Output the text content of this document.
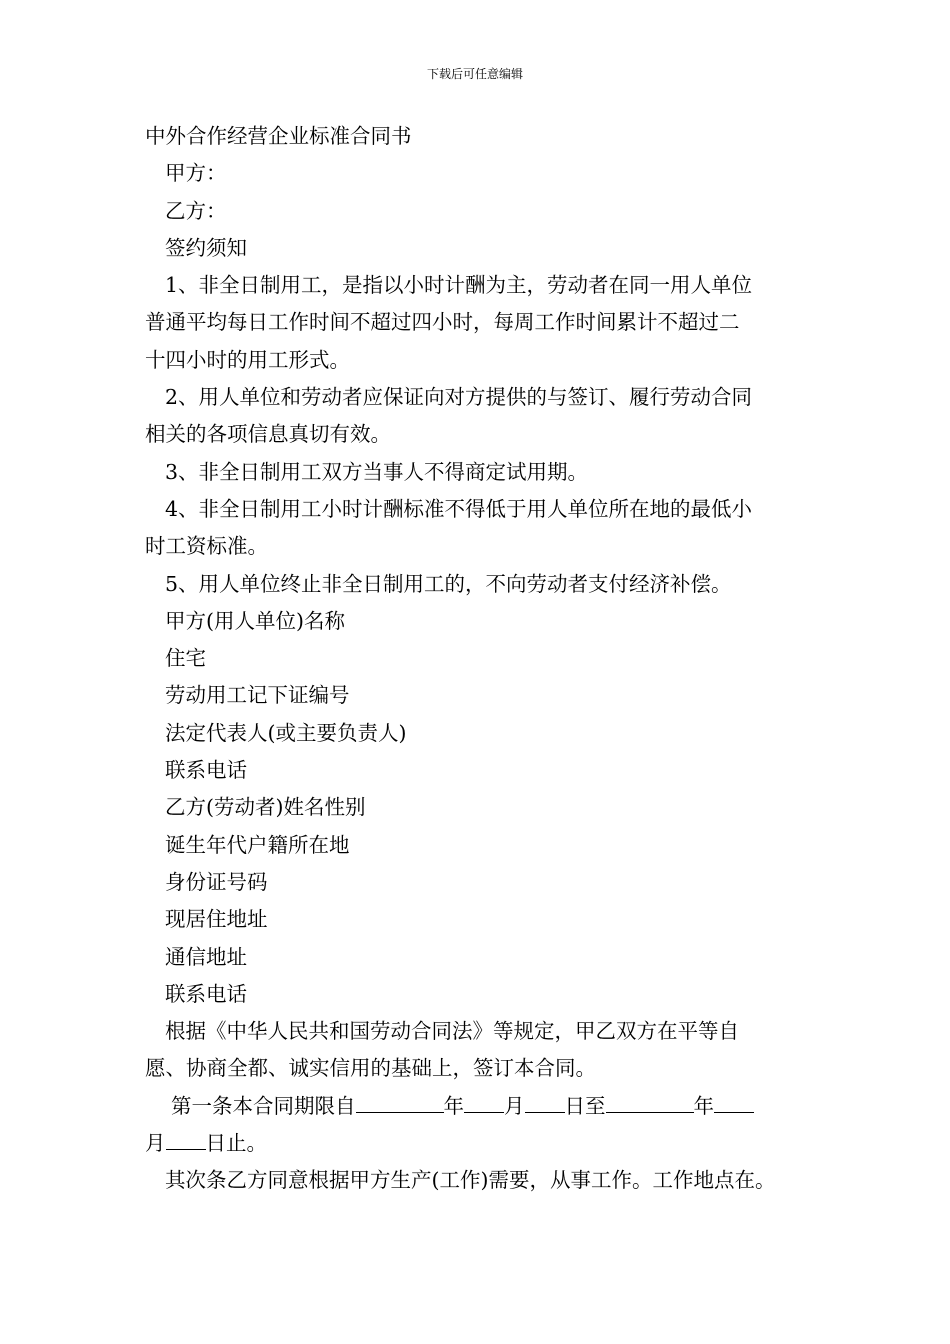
下载后可任意编辑
中外合作经营企业标准合同书
甲方：
乙方：
签约须知
1、非全日制用工，是指以小时计酬为主，劳动者在同一用人单位
普通平均每日工作时间不超过四小时，每周工作时间累计不超过二
十四小时的用工形式。
2、用人单位和劳动者应保证向对方提供的与签订、履行劳动合同
相关的各项信息真切有效。
3、非全日制用工双方当事人不得商定试用期。
4、非全日制用工小时计酬标准不得低于用人单位所在地的最低小
时工资标准。
5、用人单位终止非全日制用工的，不向劳动者支付经济补偿。
甲方(用人单位)名称
住宅
劳动用工记下证编号
法定代表人(或主要负责人)
联系电话
乙方(劳动者)姓名性别
诞生年代户籍所在地
身份证号码
现居住地址
通信地址
联系电话
根据《中华人民共和国劳动合同法》等规定，甲乙双方在平等自
愿、协商全都、诚实信用的基础上，签订本合同。
第一条本合同期限自	年 月 日至	年
月 日止。
其次条乙方同意根据甲方生产(工作)需要，从事工作。工作地点在。
